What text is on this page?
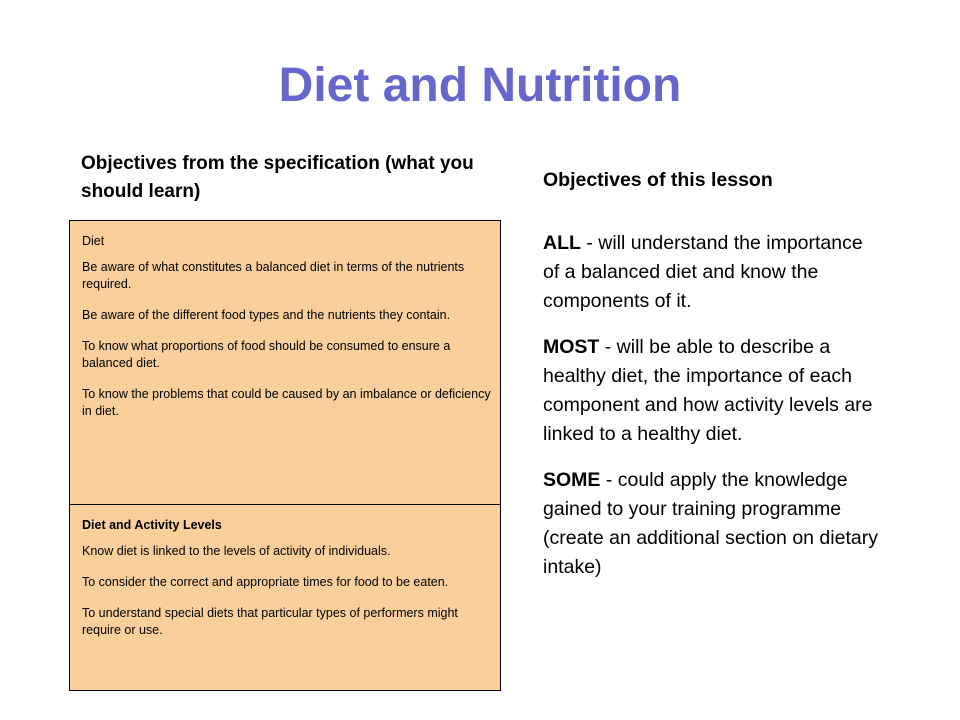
Diet and Nutrition

Objectives from the specification (what you should learn)

Diet

Be aware of what constitutes a balanced diet in terms of the nutrients required.

Be aware of the different food types and the nutrients they contain.

To know what proportions of food should be consumed to ensure a balanced diet.

To know the problems that could be caused by an imbalance or deficiency in diet.

Diet and Activity Levels

Know diet is linked to the levels of activity of individuals.

To consider the correct and appropriate times for food to be eaten.

To understand special diets that particular types of performers might require or use.

Objectives of this lesson

ALL - will understand the importance of a balanced diet and know the components of it.

MOST - will be able to describe a healthy diet, the importance of each component and how activity levels are linked to a healthy diet.

SOME - could apply the knowledge gained to your training programme (create an additional section on dietary intake)
